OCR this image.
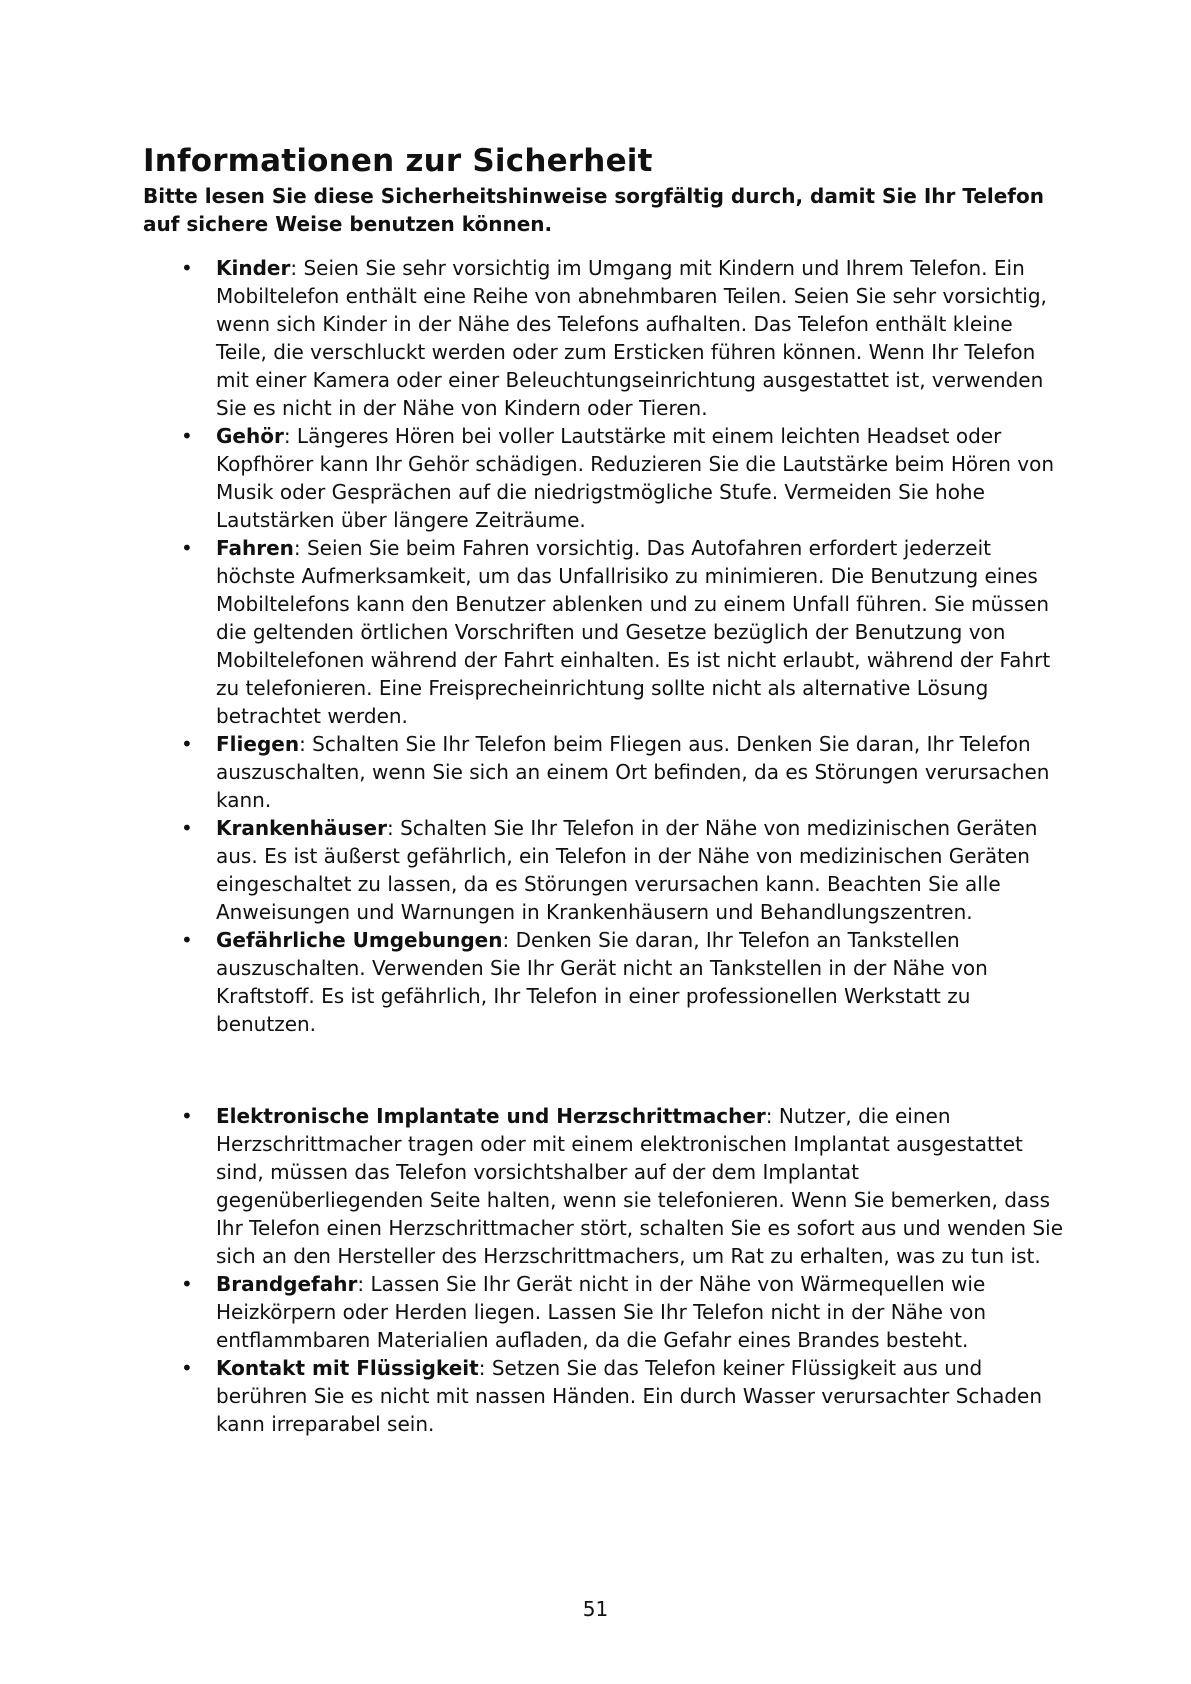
Informationen zur Sicherheit

Bitte lesen Sie diese Sicherheitshinweise sorgfältig durch, damit Sie Ihr Telefon auf sichere Weise benutzen können.

• Kinder: Seien Sie sehr vorsichtig im Umgang mit Kindern und Ihrem Telefon. Ein Mobiltelefon enthält eine Reihe von abnehmbaren Teilen. Seien Sie sehr vorsichtig, wenn sich Kinder in der Nähe des Telefons aufhalten. Das Telefon enthält kleine Teile, die verschluckt werden oder zum Ersticken führen können. Wenn Ihr Telefon mit einer Kamera oder einer Beleuchtungseinrichtung ausgestattet ist, verwenden Sie es nicht in der Nähe von Kindern oder Tieren.
• Gehör: Längeres Hören bei voller Lautstärke mit einem leichten Headset oder Kopfhörer kann Ihr Gehör schädigen. Reduzieren Sie die Lautstärke beim Hören von Musik oder Gesprächen auf die niedrigstmögliche Stufe. Vermeiden Sie hohe Lautstärken über längere Zeiträume.
• Fahren: Seien Sie beim Fahren vorsichtig. Das Autofahren erfordert jederzeit höchste Aufmerksamkeit, um das Unfallrisiko zu minimieren. Die Benutzung eines Mobiltelefons kann den Benutzer ablenken und zu einem Unfall führen. Sie müssen die geltenden örtlichen Vorschriften und Gesetze bezüglich der Benutzung von Mobiltelefonen während der Fahrt einhalten. Es ist nicht erlaubt, während der Fahrt zu telefonieren. Eine Freisprecheinrichtung sollte nicht als alternative Lösung betrachtet werden.
• Fliegen: Schalten Sie Ihr Telefon beim Fliegen aus. Denken Sie daran, Ihr Telefon auszuschalten, wenn Sie sich an einem Ort befinden, da es Störungen verursachen kann.
• Krankenhäuser: Schalten Sie Ihr Telefon in der Nähe von medizinischen Geräten aus. Es ist äußerst gefährlich, ein Telefon in der Nähe von medizinischen Geräten eingeschaltet zu lassen, da es Störungen verursachen kann. Beachten Sie alle Anweisungen und Warnungen in Krankenhäusern und Behandlungszentren.
• Gefährliche Umgebungen: Denken Sie daran, Ihr Telefon an Tankstellen auszuschalten. Verwenden Sie Ihr Gerät nicht an Tankstellen in der Nähe von Kraftstoff. Es ist gefährlich, Ihr Telefon in einer professionellen Werkstatt zu benutzen.
• Elektronische Implantate und Herzschrittmacher: Nutzer, die einen Herzschrittmacher tragen oder mit einem elektronischen Implantat ausgestattet sind, müssen das Telefon vorsichtshalber auf der dem Implantat gegenüberliegenden Seite halten, wenn sie telefonieren. Wenn Sie bemerken, dass Ihr Telefon einen Herzschrittmacher stört, schalten Sie es sofort aus und wenden Sie sich an den Hersteller des Herzschrittmachers, um Rat zu erhalten, was zu tun ist.
• Brandgefahr: Lassen Sie Ihr Gerät nicht in der Nähe von Wärmequellen wie Heizkörpern oder Herden liegen. Lassen Sie Ihr Telefon nicht in der Nähe von entflammbaren Materialien aufladen, da die Gefahr eines Brandes besteht.
• Kontakt mit Flüssigkeit: Setzen Sie das Telefon keiner Flüssigkeit aus und berühren Sie es nicht mit nassen Händen. Ein durch Wasser verursachter Schaden kann irreparabel sein.
51
